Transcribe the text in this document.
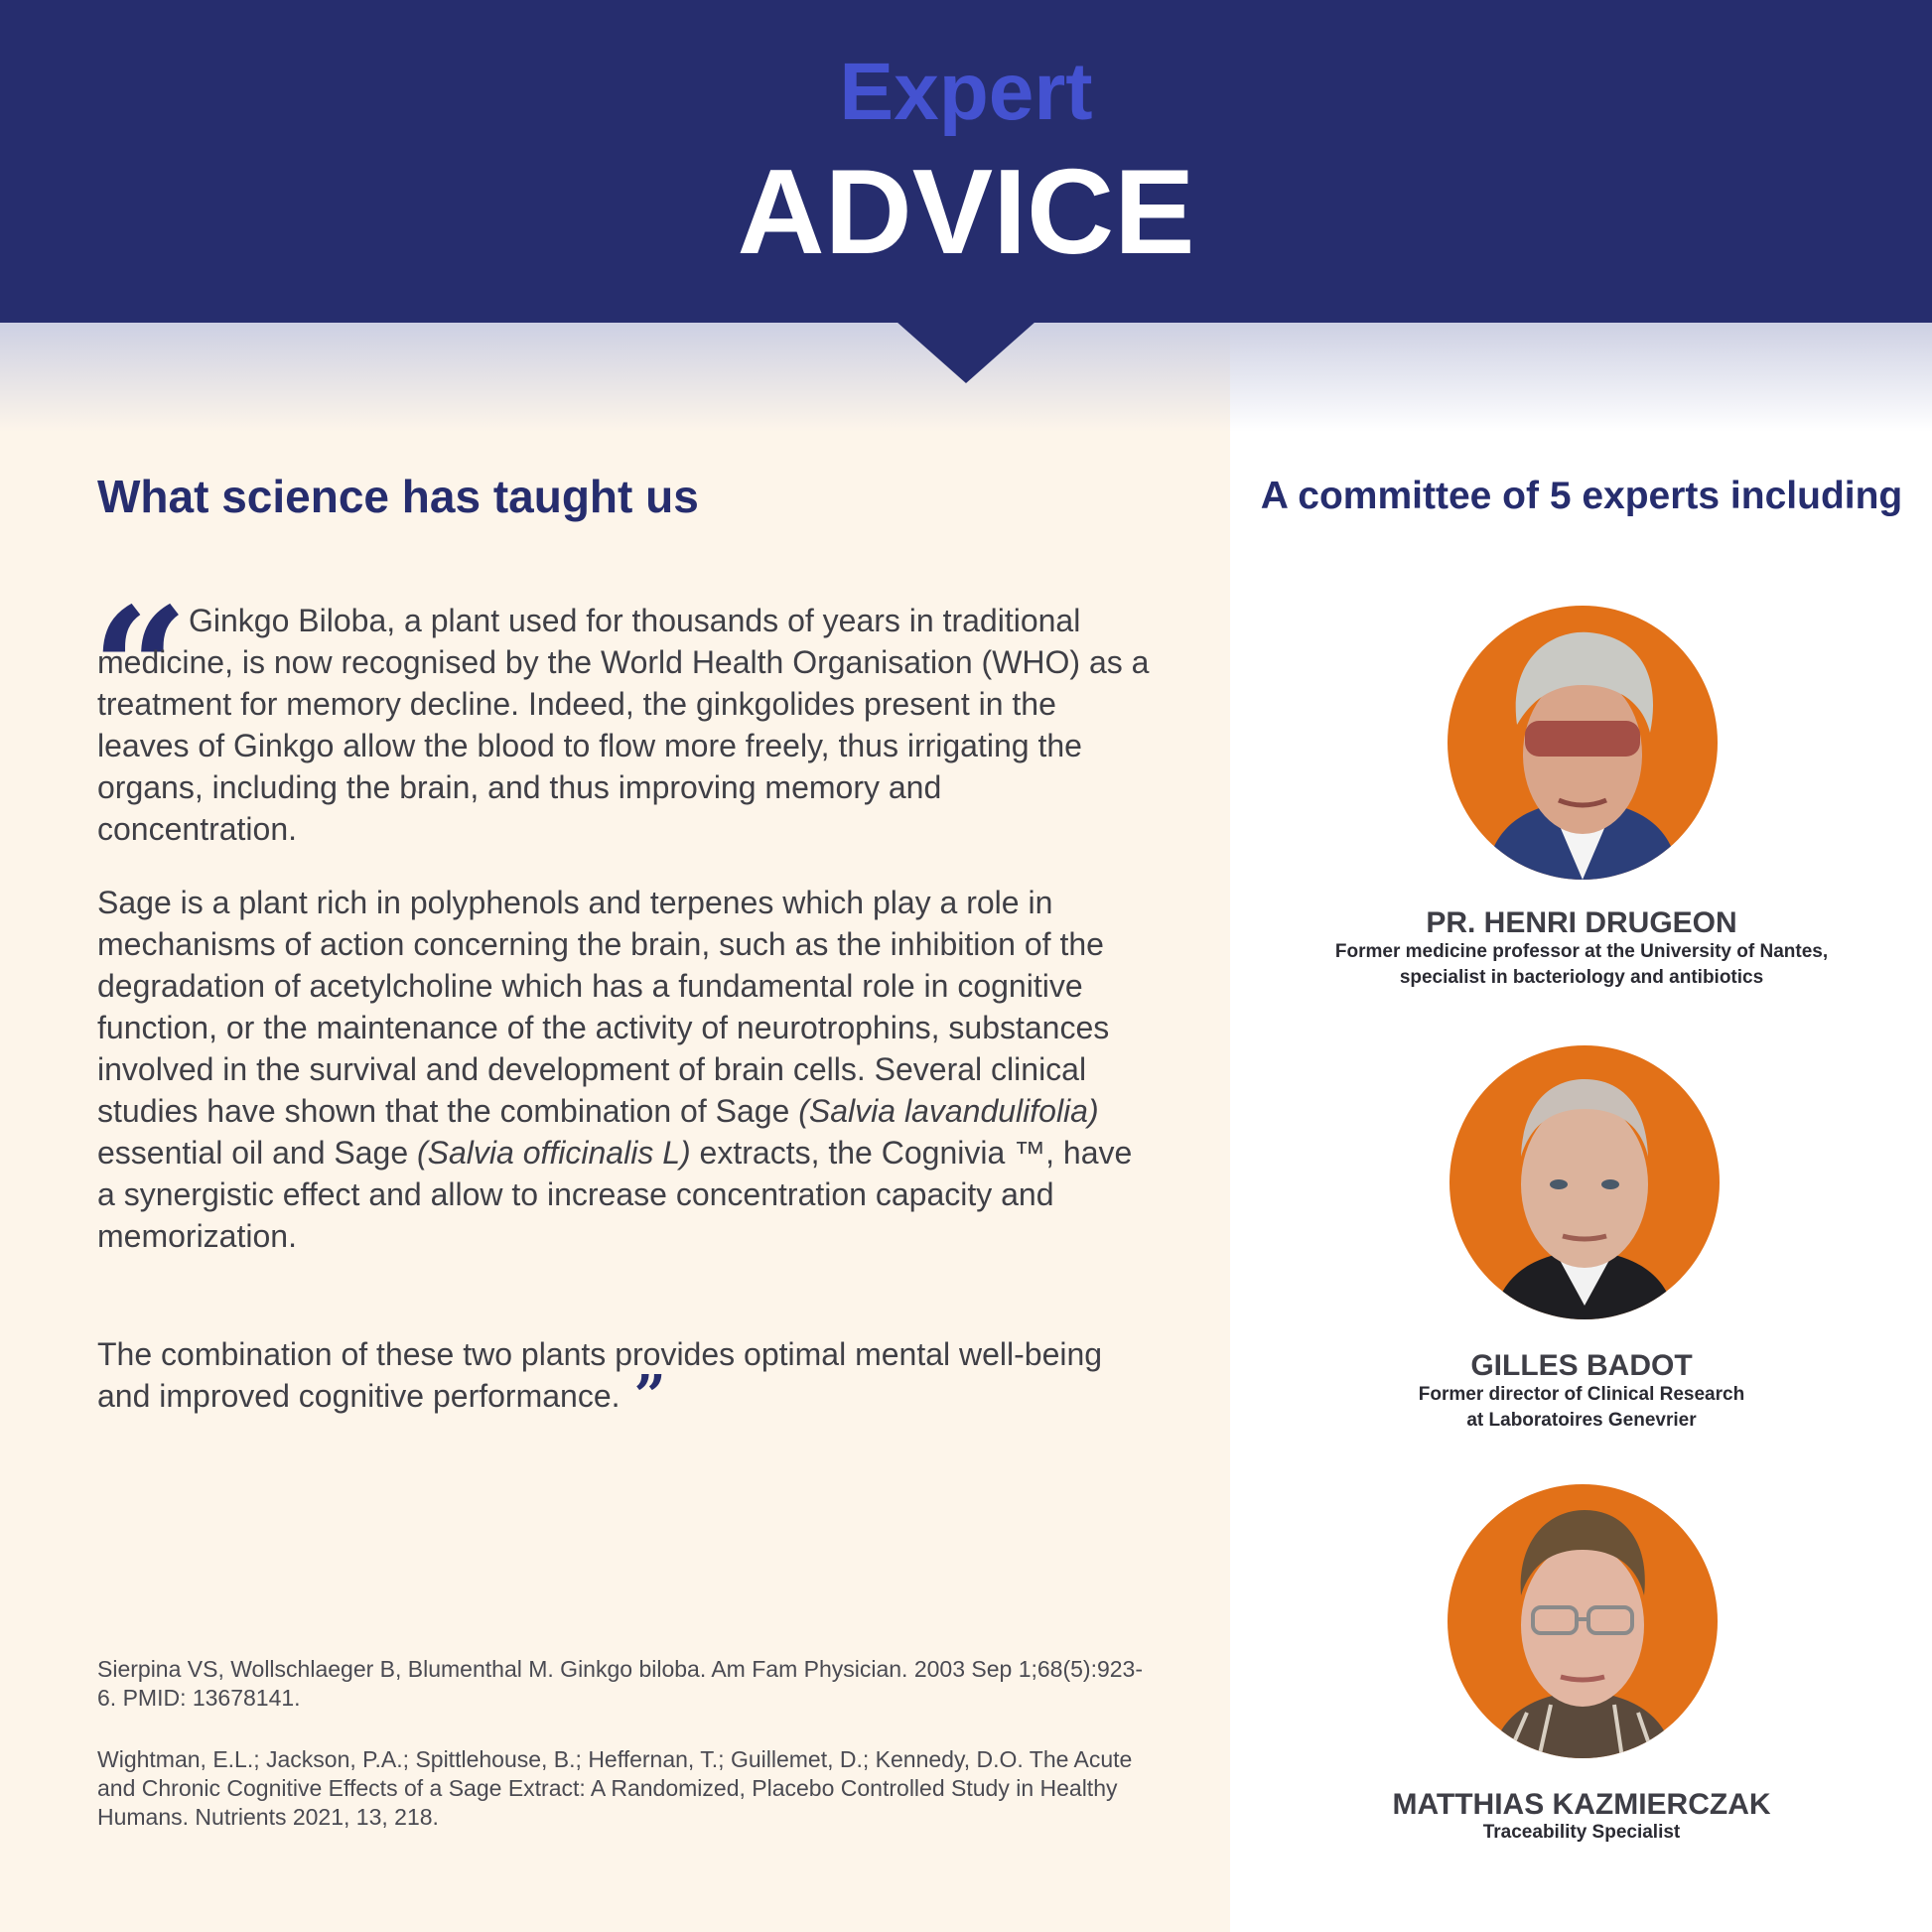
Expert
ADVICE
What science has taught us
“ Ginkgo Biloba, a plant used for thousands of years in traditional medicine, is now recognised by the World Health Organisation (WHO) as a treatment for memory decline. Indeed, the ginkgolides present in the leaves of Ginkgo allow the blood to flow more freely, thus irrigating the organs, including the brain, and thus improving memory and concentration.

Sage is a plant rich in polyphenols and terpenes which play a role in mechanisms of action concerning the brain, such as the inhibition of the degradation of acetylcholine which has a fundamental role in cognitive function, or the maintenance of the activity of neurotrophins, substances involved in the survival and development of brain cells. Several clinical studies have shown that the combination of Sage (Salvia lavandulifolia) essential oil and Sage (Salvia officinalis L) extracts, the Cognivia ™, have a synergistic effect and allow to increase concentration capacity and memorization.

The combination of these two plants provides optimal mental well-being and improved cognitive performance. ”

Sierpina VS, Wollschlaeger B, Blumenthal M. Ginkgo biloba. Am Fam Physician. 2003 Sep 1;68(5):923-6. PMID: 13678141.
Wightman, E.L.; Jackson, P.A.; Spittlehouse, B.; Heffernan, T.; Guillemet, D.; Kennedy, D.O. The Acute and Chronic Cognitive Effects of a Sage Extract: A Randomized, Placebo Controlled Study in Healthy Humans. Nutrients 2021, 13, 218.
A committee of 5 experts including
PR. HENRI DRUGEON
Former medicine professor at the University of Nantes,
specialist in bacteriology and antibiotics
GILLES BADOT
Former director of Clinical Research
at Laboratoires Genevrier
MATTHIAS KAZMIERCZAK
Traceability Specialist
